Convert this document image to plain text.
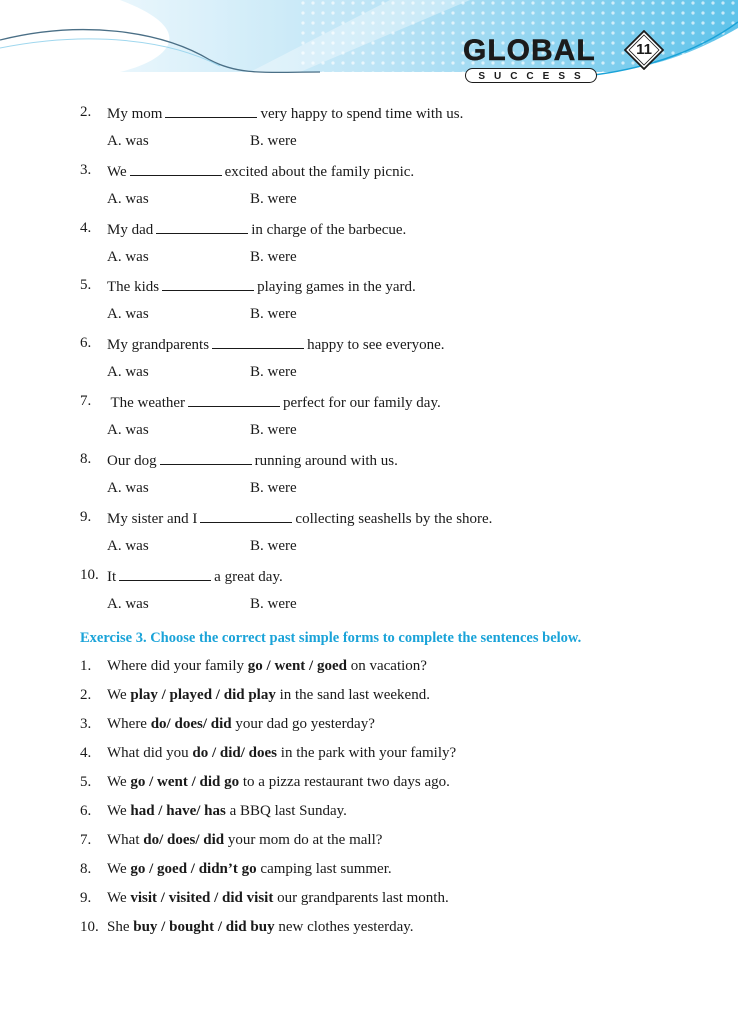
GLOBAL
SUCCESS
11
2.	My mom	very happy to spend time with us.
A. was	B. were
3.	We	excited about the family picnic.
A. was	B. were
4.	My dad	in charge of the barbecue.
A. was	B. were
5.	The kids	playing games in the yard.
A. was	B. were
6.	My grandparents	happy to see everyone.
A. was	B. were
7.	The weather	perfect for our family day.
A. was	B. were
8.	Our dog	running around with us.
A. was	B. were
9.	My sister and I	collecting seashells by the shore.
A. was	B. were
10. It	a great day.
A. was	B. were
Exercise 3. Choose the correct past simple forms to complete the sentences below.
1.	Where did your family go / went / goed on vacation?
2.	We play / played / did play in the sand last weekend.
3.	Where do/ does/ did your dad go yesterday?
4.	What did you do / did/ does in the park with your family?
5.	We go / went / did go to a pizza restaurant two days ago.
6.	We had / have/ has a BBQ last Sunday.
7.	What do/ does/ did your mom do at the mall?
8.	We go / goed / didn’t go camping last summer.
9.	We visit / visited / did visit our grandparents last month.
10. She buy / bought / did buy new clothes yesterday.
